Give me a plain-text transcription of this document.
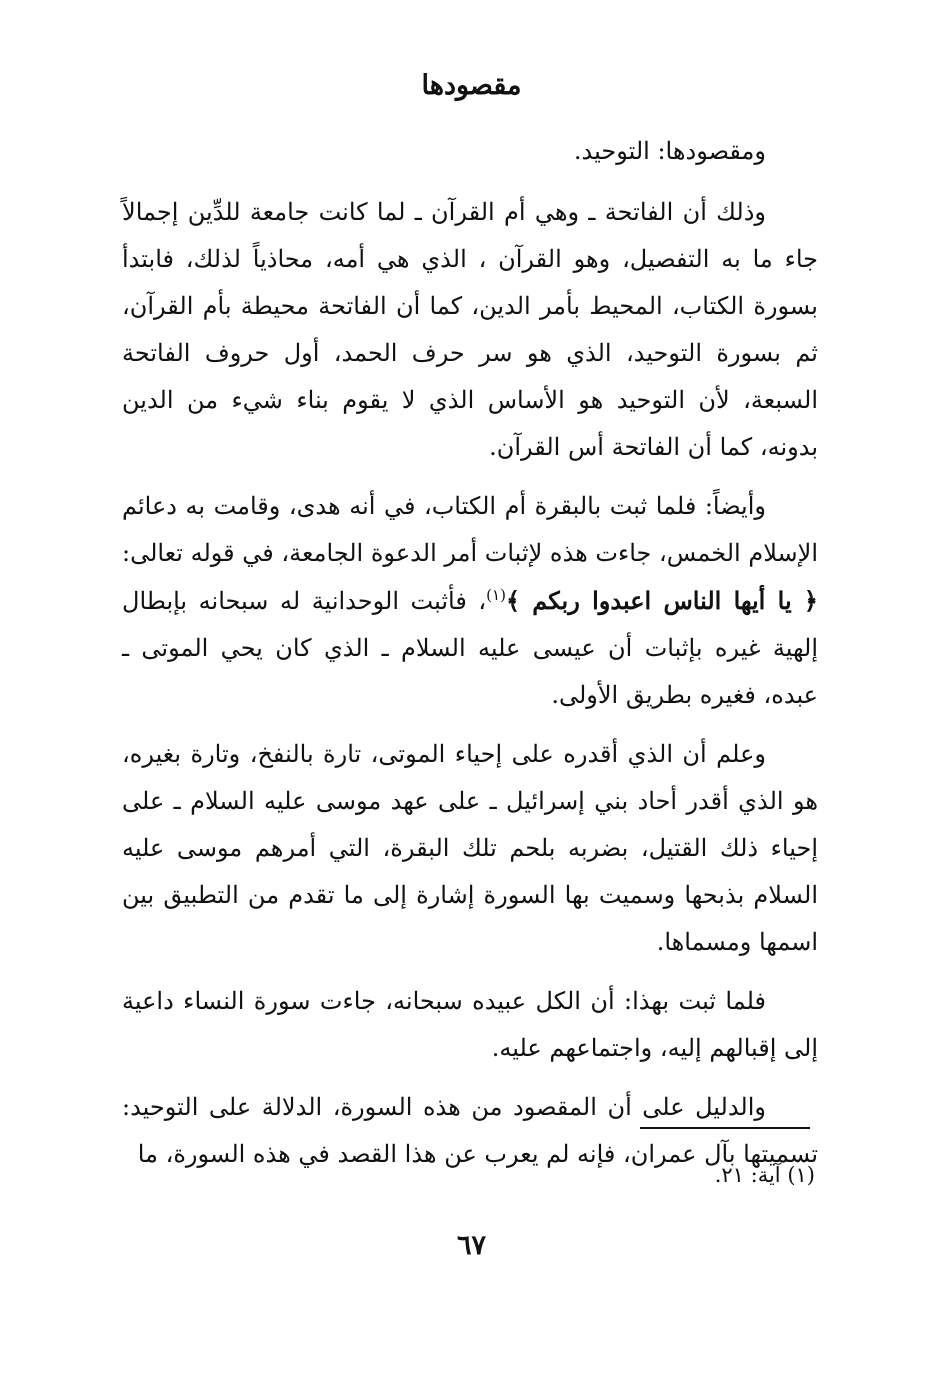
مقصودها

ومقصودها: التوحيد.

وذلك أن الفاتحة ـ وهي أم القرآن ـ لما كانت جامعة للدِّين إجمالاً جاء ما به التفصيل، وهو القرآن ، الذي هي أمه، محاذياً لذلك، فابتدأ بسورة الكتاب، المحيط بأمر الدين، كما أن الفاتحة محيطة بأم القرآن، ثم بسورة التوحيد، الذي هو سر حرف الحمد، أول حروف الفاتحة السبعة، لأن التوحيد هو الأساس الذي لا يقوم بناء شيء من الدين بدونه، كما أن الفاتحة أس القرآن.

وأيضاً: فلما ثبت بالبقرة أم الكتاب، في أنه هدى، وقامت به دعائم الإسلام الخمس، جاءت هذه لإثبات أمر الدعوة الجامعة، في قوله تعالى: ﴿ يا أيها الناس اعبدوا ربكم ﴾$^{(١)}$، فأثبت الوحدانية له سبحانه بإبطال إلهية غيره بإثبات أن عيسى عليه السلام ـ الذي كان يحي الموتى ـ عبده، فغيره بطريق الأولى.

وعلم أن الذي أقدره على إحياء الموتى، تارة بالنفخ، وتارة بغيره، هو الذي أقدر أحاد بني إسرائيل ـ على عهد موسى عليه السلام ـ على إحياء ذلك القتيل، بضربه بلحم تلك البقرة، التي أمرهم موسى عليه السلام بذبحها وسميت بها السورة إشارة إلى ما تقدم من التطبيق بين اسمها ومسماها.

فلما ثبت بهذا: أن الكل عبيده سبحانه، جاءت سورة النساء داعية إلى إقبالهم إليه، واجتماعهم عليه.

والدليل على أن المقصود من هذه السورة، الدلالة على التوحيد: تسميتها بآل عمران، فإنه لم يعرب عن هذا القصد في هذه السورة، ما

(١) آية: ٢١.
٦٧
